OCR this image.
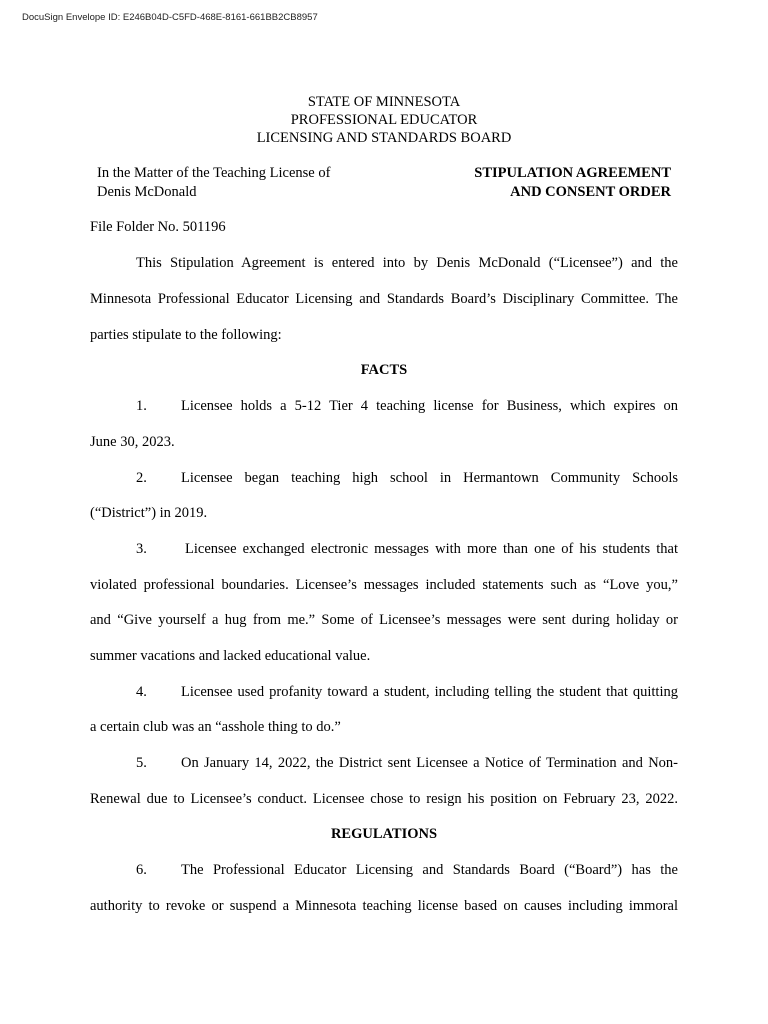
DocuSign Envelope ID: E246B04D-C5FD-468E-8161-661BB2CB8957
STATE OF MINNESOTA
PROFESSIONAL EDUCATOR
LICENSING AND STANDARDS BOARD
In the Matter of the Teaching License of
Denis McDonald
STIPULATION AGREEMENT
AND CONSENT ORDER
File Folder No. 501196
This Stipulation Agreement is entered into by Denis McDonald (“Licensee”) and the
Minnesota Professional Educator Licensing and Standards Board’s Disciplinary Committee. The
parties stipulate to the following:
FACTS
1. Licensee holds a 5-12 Tier 4 teaching license for Business, which expires on
June 30, 2023.
2. Licensee began teaching high school in Hermantown Community Schools
(“District”) in 2019.
3.	Licensee exchanged electronic messages with more than one of his students that
violated professional boundaries. Licensee’s messages included statements such as “Love you,”
and “Give yourself a hug from me.” Some of Licensee’s messages were sent during holiday or
summer vacations and lacked educational value.
4. Licensee used profanity toward a student, including telling the student that quitting
a certain club was an “asshole thing to do.”
5. On January 14, 2022, the District sent Licensee a Notice of Termination and Non-
Renewal due to Licensee’s conduct. Licensee chose to resign his position on February 23, 2022.
REGULATIONS
6. The Professional Educator Licensing and Standards Board (“Board”) has the
authority to revoke or suspend a Minnesota teaching license based on causes including immoral
